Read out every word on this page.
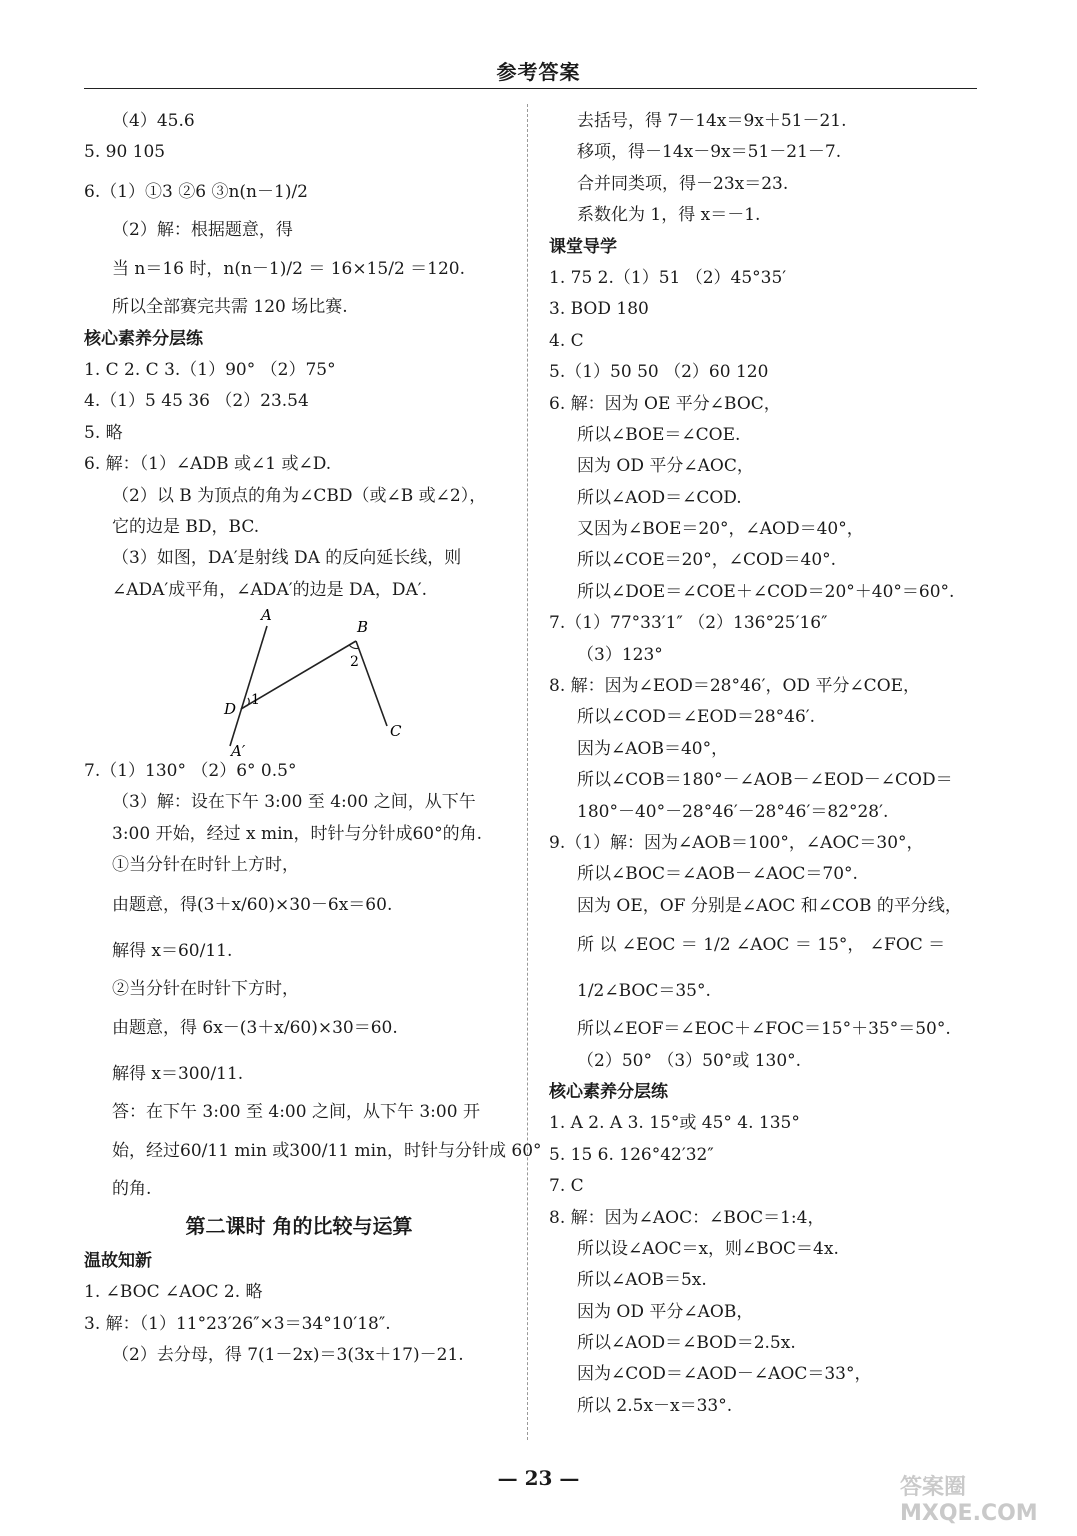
参考答案
（4）45.6
5. 90 105
6.（1）①3 ②6 ③n(n－1)/2
（2）解：根据题意，得
当 n＝16 时，n(n－1)/2 ＝ 16×15/2 ＝120.
所以全部赛完共需 120 场比赛.
核心素养分层练
1. C 2. C 3.（1）90° （2）75°
4.（1）5 45 36 （2）23.54
5. 略
6. 解：（1）∠ADB 或∠1 或∠D.
（2）以 B 为顶点的角为∠CBD（或∠B 或∠2），
它的边是 BD，BC.
（3）如图，DA′是射线 DA 的反向延长线，则
∠ADA′成平角，∠ADA′的边是 DA，DA′.
A
B
C
D
A′
1
2
7.（1）130° （2）6° 0.5°
（3）解：设在下午 3:00 至 4:00 之间，从下午
3:00 开始，经过 x min，时针与分针成60°的角.
①当分针在时针上方时，
由题意，得(3＋x/60)×30－6x＝60.
解得 x＝60/11.
②当分针在时针下方时，
由题意，得 6x－(3＋x/60)×30＝60.
解得 x＝300/11.
答：在下午 3:00 至 4:00 之间，从下午 3:00 开
始，经过60/11 min 或300/11 min，时针与分针成 60°
的角.
第二课时 角的比较与运算
温故知新
1. ∠BOC ∠AOC 2. 略
3. 解：（1）11°23′26″×3＝34°10′18″.
（2）去分母，得 7(1－2x)＝3(3x＋17)－21.
去括号，得 7－14x＝9x＋51－21.
移项，得－14x－9x＝51－21－7.
合并同类项，得－23x＝23.
系数化为 1，得 x＝－1.
课堂导学
1. 75 2.（1）51 （2）45°35′
3. BOD 180
4. C
5.（1）50 50 （2）60 120
6. 解：因为 OE 平分∠BOC，
所以∠BOE＝∠COE.
因为 OD 平分∠AOC，
所以∠AOD＝∠COD.
又因为∠BOE＝20°，∠AOD＝40°，
所以∠COE＝20°，∠COD＝40°.
所以∠DOE＝∠COE＋∠COD＝20°＋40°＝60°.
7.（1）77°33′1″ （2）136°25′16″
（3）123°
8. 解：因为∠EOD＝28°46′，OD 平分∠COE，
所以∠COD＝∠EOD＝28°46′.
因为∠AOB＝40°，
所以∠COB＝180°－∠AOB－∠EOD－∠COD＝
180°－40°－28°46′－28°46′＝82°28′.
9.（1）解：因为∠AOB＝100°，∠AOC＝30°，
所以∠BOC＝∠AOB－∠AOC＝70°.
因为 OE，OF 分别是∠AOC 和∠COB 的平分线，
所 以 ∠EOC ＝ 1/2 ∠AOC ＝ 15°， ∠FOC ＝
1/2∠BOC＝35°.
所以∠EOF＝∠EOC＋∠FOC＝15°＋35°＝50°.
（2）50° （3）50°或 130°.
核心素养分层练
1. A 2. A 3. 15°或 45° 4. 135°
5. 15 6. 126°42′32″
7. C
8. 解：因为∠AOC：∠BOC＝1:4，
所以设∠AOC＝x，则∠BOC＝4x.
所以∠AOB＝5x.
因为 OD 平分∠AOB，
所以∠AOD＝∠BOD＝2.5x.
因为∠COD＝∠AOD－∠AOC＝33°，
所以 2.5x－x＝33°.
— 23 —	答案圈 MXQE.COM
